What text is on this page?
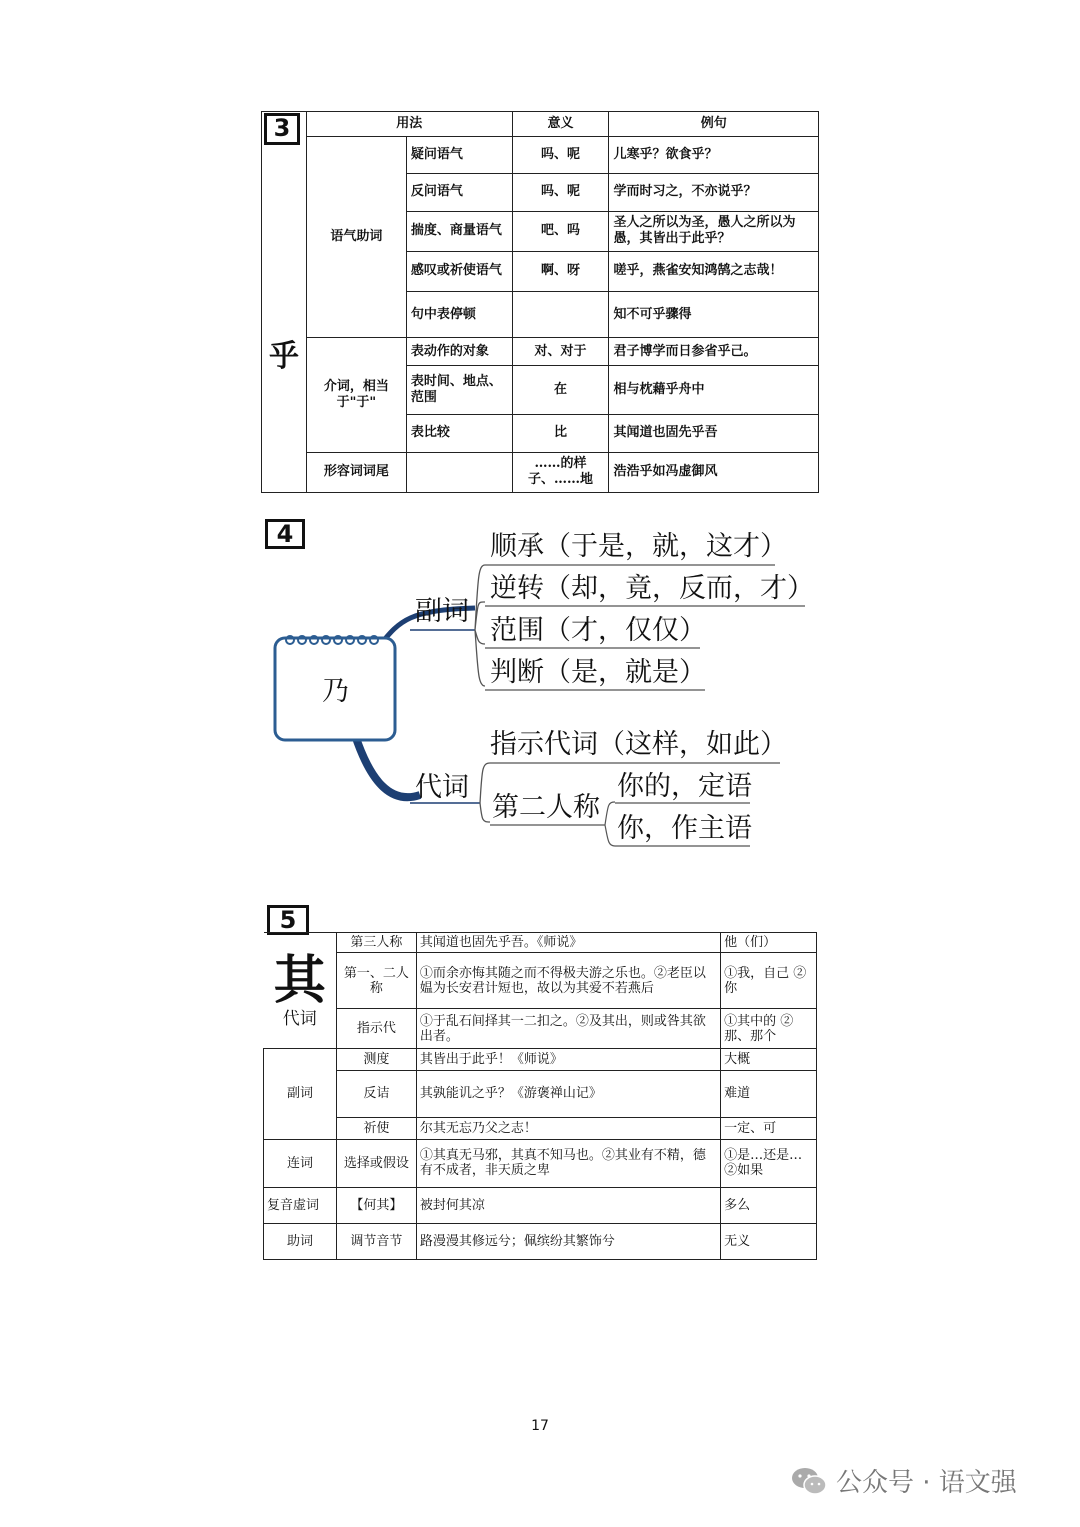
3
乎	用法		意义	例句
	语气助词	疑问语气	吗、呢	儿寒乎？欲食乎？
		反问语气	吗、呢	学而时习之，不亦说乎？
		揣度、商量语气	吧、吗	圣人之所以为圣，愚人之所以为愚，其皆出于此乎？
		感叹或祈使语气	啊、呀	嗟乎，燕雀安知鸿鹄之志哉！
		句中表停顿		知不可乎骤得
	介词，相当于"于"	表动作的对象	对、对于	君子博学而日参省乎己。
		表时间、地点、范围	在	相与枕藉乎舟中
		表比较	比	其闻道也固先乎吾
	形容词词尾		……的样子、……地	浩浩乎如冯虚御风
4
乃
副词
顺承（于是，就，这才）
逆转（却，竟，反而，才）
范围（才，仅仅）
判断（是，就是）
代词
指示代词（这样，如此）
第二人称
你的，定语
你，作主语
5
其
代词	第三人称	其闻道也固先乎吾。《师说》	他（们）
	第一、二人称	①而余亦悔其随之而不得极夫游之乐也。②老臣以媪为长安君计短也，故以为其爱不若燕后	①我，自己 ②你
	指示代	①于乱石间择其一二扣之。②及其出，则或咎其欲出者。	①其中的 ②那、那个
副词	测度	其皆出于此乎！《师说》	大概
	反诘	其孰能讥之乎？《游褒禅山记》	难道
	祈使	尔其无忘乃父之志！	一定、可
连词	选择或假设	①其真无马邪，其真不知马也。②其业有不精，德有不成者，非天质之卑	①是…还是… ②如果
复音虚词	【何其】	被封何其凉	多么
助词	调节音节	路漫漫其修远兮；佩缤纷其繁饰兮	无义
17
公众号 · 语文强
